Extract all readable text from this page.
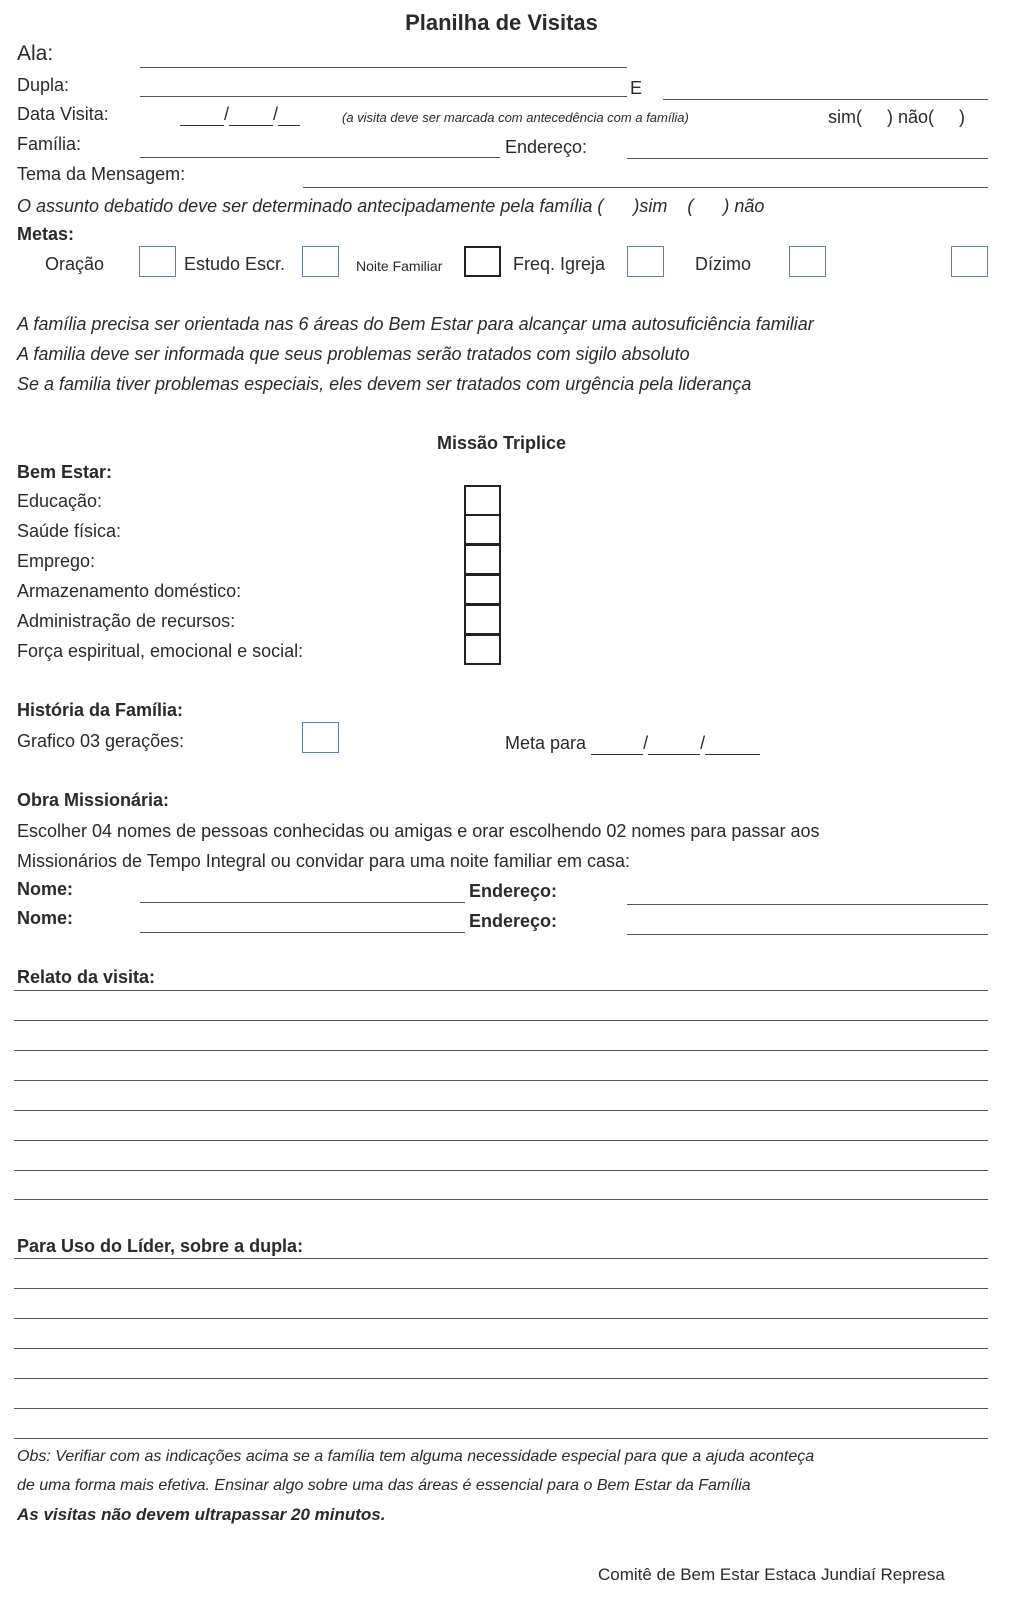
Planilha de Visitas
Ala:
Dupla:	E
Data Visita:	/ /	(a visita deve ser marcada com antecedência com a família)	sim(     ) não(     )
Família:	Endereço:
Tema da Mensagem:
O assunto debatido deve ser determinado antecipadamente pela família (      )sim    (      ) não
Metas:
Oração	Estudo Escr.	Noite Familiar	Freq. Igreja	Dízimo
A família precisa ser orientada nas 6 áreas do Bem Estar para alcançar uma autosuficiência familiar
A familia deve ser informada que seus problemas serão tratados com sigilo absoluto
Se a familia tiver problemas especiais, eles devem ser tratados com urgência pela liderança
Missão Triplice
Bem Estar:
Educação:
Saúde física:
Emprego:
Armazenamento doméstico:
Administração de recursos:
Força espiritual, emocional e social:
História da Família:
Grafico 03 gerações:	Meta para	/	/
Obra Missionária:
Escolher 04 nomes de pessoas conhecidas ou amigas e orar escolhendo 02 nomes para passar aos
Missionários de Tempo Integral ou convidar para uma noite familiar em casa:
Nome:	Endereço:
Nome:	Endereço:
Relato da visita:
Para Uso do Líder, sobre a dupla:
Obs: Verifiar com as indicações acima se a família tem alguma necessidade especial para que a ajuda aconteça
de uma forma mais efetiva. Ensinar algo sobre uma das áreas é essencial para o Bem Estar da Família
As visitas não devem ultrapassar 20 minutos.
Comitê de Bem Estar Estaca Jundiaí Represa
